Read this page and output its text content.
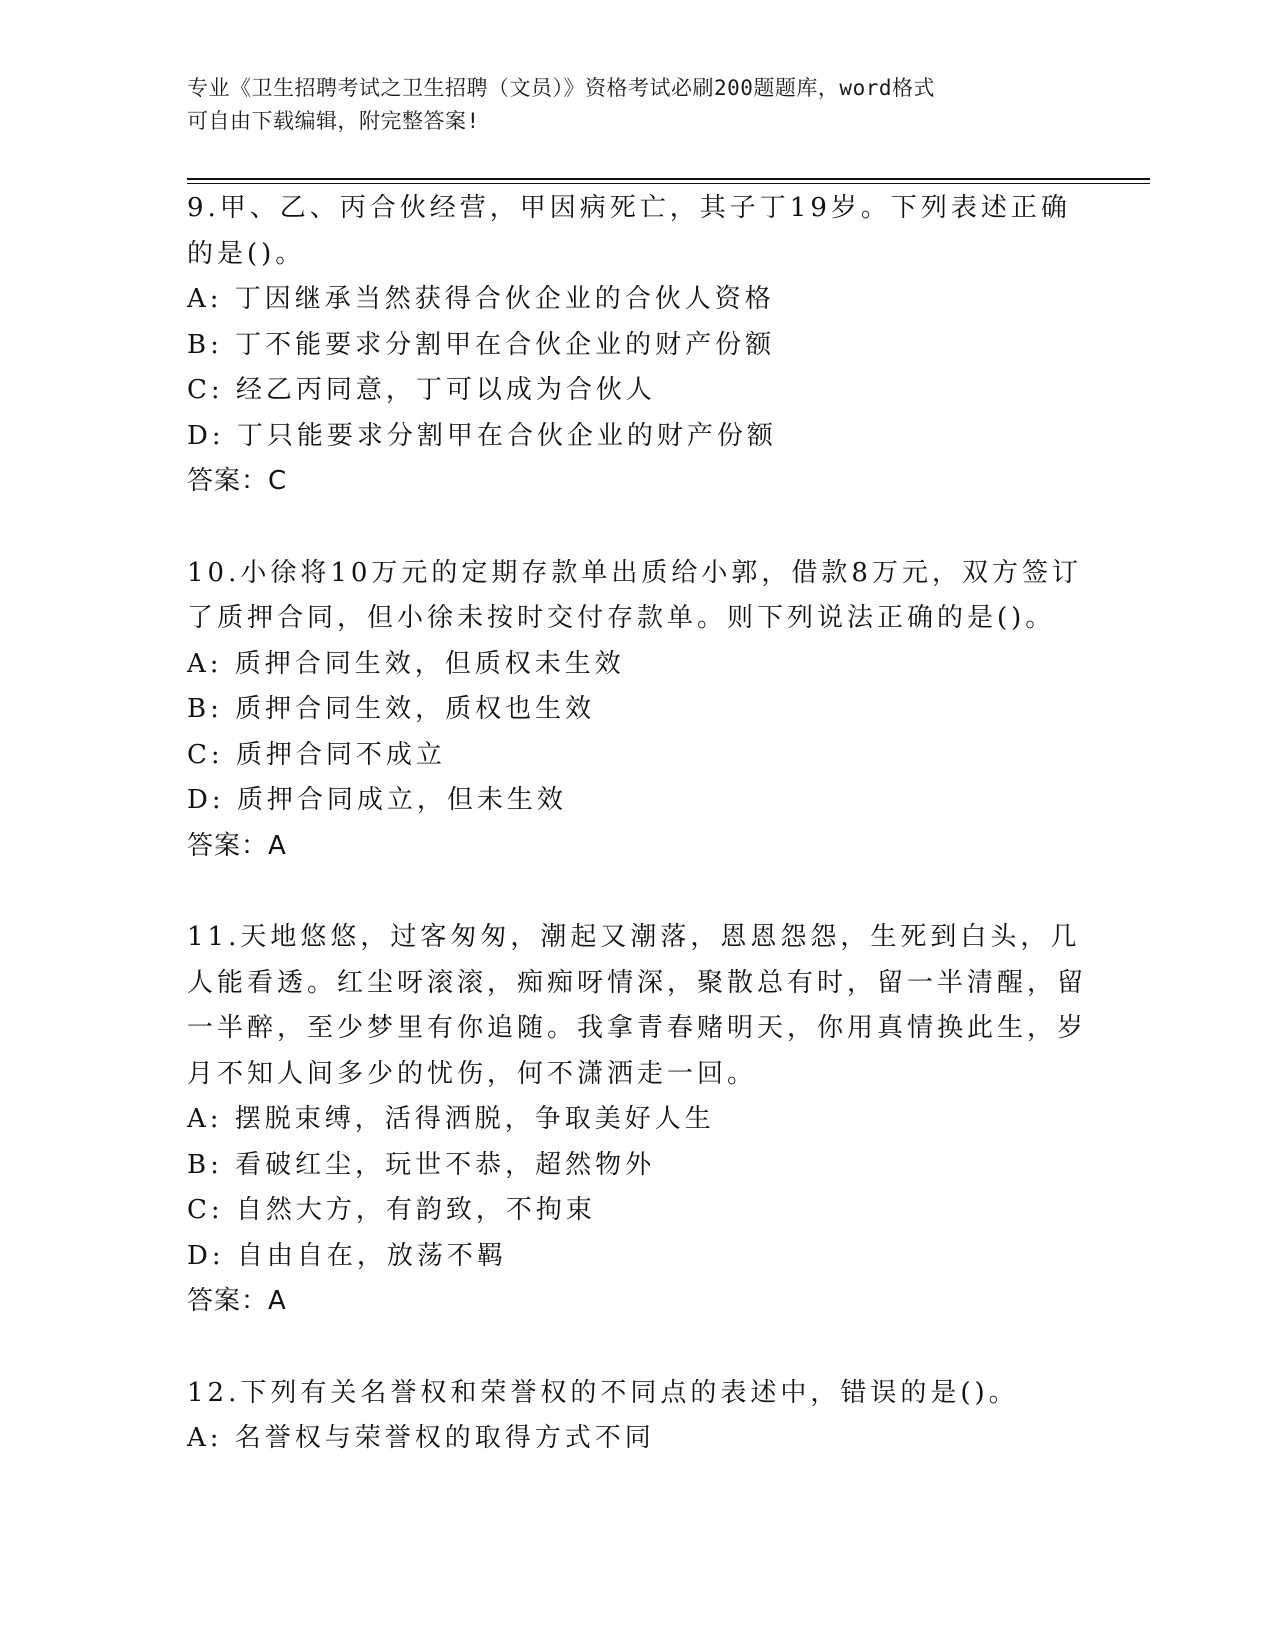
专业《卫生招聘考试之卫生招聘（文员）》资格考试必刷200题题库，word格式
可自由下载编辑，附完整答案!

9.甲、乙、丙合伙经营，甲因病死亡，其子丁19岁。下列表述正确的是()。

A: 丁因继承当然获得合伙企业的合伙人资格

B: 丁不能要求分割甲在合伙企业的财产份额

C: 经乙丙同意，丁可以成为合伙人

D: 丁只能要求分割甲在合伙企业的财产份额

答案：C

10.小徐将10万元的定期存款单出质给小郭，借款8万元，双方签订了质押合同，但小徐未按时交付存款单。则下列说法正确的是()。

A: 质押合同生效，但质权未生效

B: 质押合同生效，质权也生效

C: 质押合同不成立

D: 质押合同成立，但未生效

答案：A

11.天地悠悠，过客匆匆，潮起又潮落，恩恩怨怨，生死到白头，几人能看透。红尘呀滚滚，痴痴呀情深，聚散总有时，留一半清醒，留一半醉，至少梦里有你追随。我拿青春赌明天，你用真情换此生，岁月不知人间多少的忧伤，何不潇洒走一回。

A: 摆脱束缚，活得洒脱，争取美好人生

B: 看破红尘，玩世不恭，超然物外

C: 自然大方，有韵致，不拘束

D: 自由自在，放荡不羁

答案：A

12.下列有关名誉权和荣誉权的不同点的表述中，错误的是()。

A: 名誉权与荣誉权的取得方式不同
